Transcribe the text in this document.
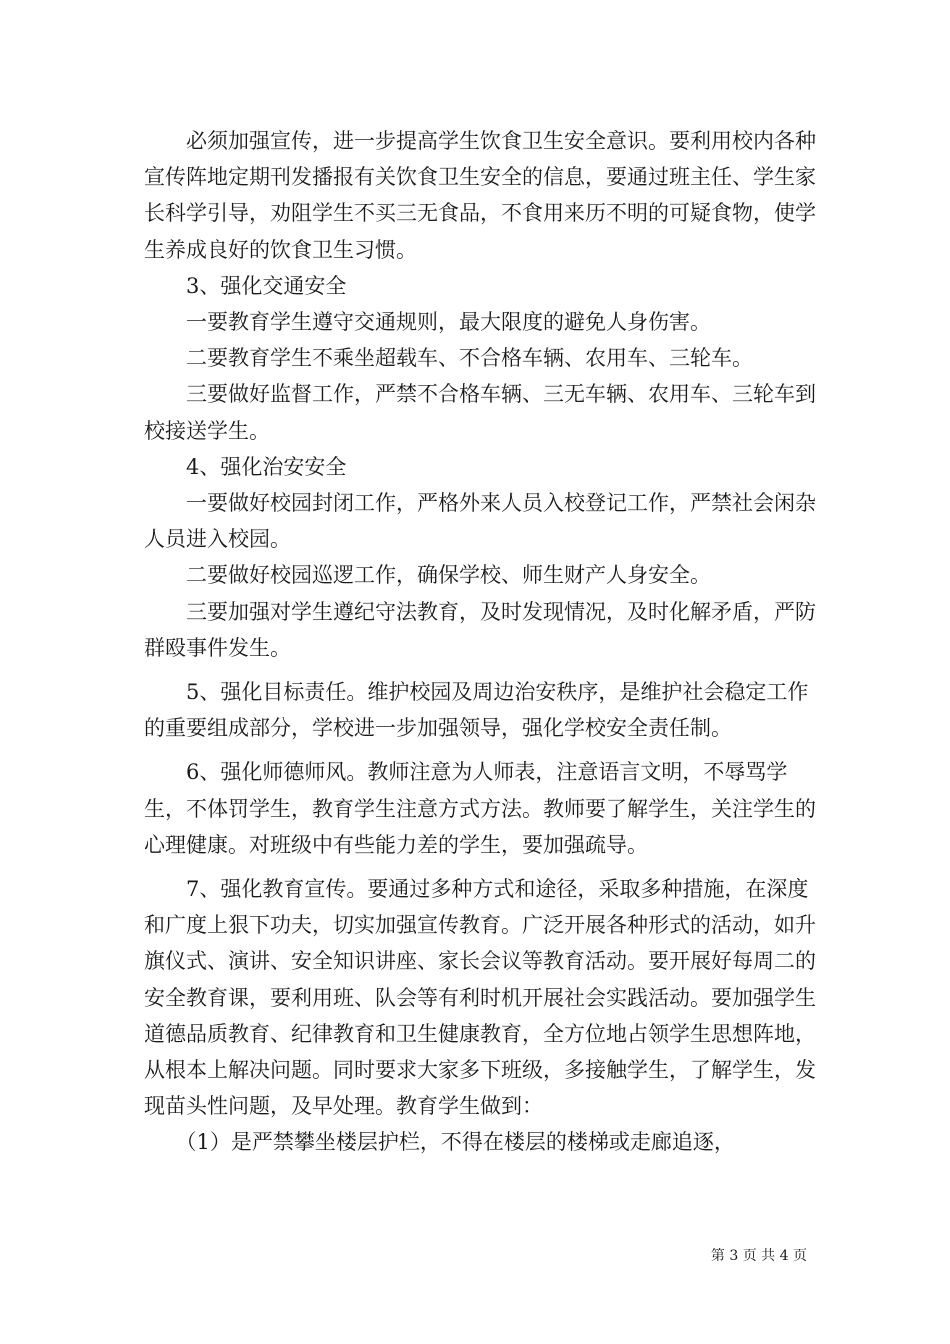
　　必须加强宣传，进一步提高学生饮食卫生安全意识。要利用校内各种宣传阵地定期刊发播报有关饮食卫生安全的信息，要通过班主任、学生家长科学引导，劝阻学生不买三无食品，不食用来历不明的可疑食物，使学生养成良好的饮食卫生习惯。

　　3、强化交通安全

　　一要教育学生遵守交通规则，最大限度的避免人身伤害。

　　二要教育学生不乘坐超载车、不合格车辆、农用车、三轮车。

　　三要做好监督工作，严禁不合格车辆、三无车辆、农用车、三轮车到校接送学生。

　　4、强化治安安全

　　一要做好校园封闭工作，严格外来人员入校登记工作，严禁社会闲杂人员进入校园。

　　二要做好校园巡逻工作，确保学校、师生财产人身安全。

　　三要加强对学生遵纪守法教育，及时发现情况，及时化解矛盾，严防群殴事件发生。

　　5、强化目标责任。维护校园及周边治安秩序，是维护社会稳定工作的重要组成部分，学校进一步加强领导，强化学校安全责任制。

　　6、强化师德师风。教师注意为人师表，注意语言文明，不辱骂学生，不体罚学生，教育学生注意方式方法。教师要了解学生，关注学生的心理健康。对班级中有些能力差的学生，要加强疏导。

　　7、强化教育宣传。要通过多种方式和途径，采取多种措施，在深度和广度上狠下功夫，切实加强宣传教育。广泛开展各种形式的活动，如升旗仪式、演讲、安全知识讲座、家长会议等教育活动。要开展好每周二的安全教育课，要利用班、队会等有利时机开展社会实践活动。要加强学生道德品质教育、纪律教育和卫生健康教育，全方位地占领学生思想阵地，从根本上解决问题。同时要求大家多下班级，多接触学生，了解学生，发现苗头性问题，及早处理。教育学生做到：

　　（1）是严禁攀坐楼层护栏，不得在楼层的楼梯或走廊追逐，

第 3 页 共 4 页
